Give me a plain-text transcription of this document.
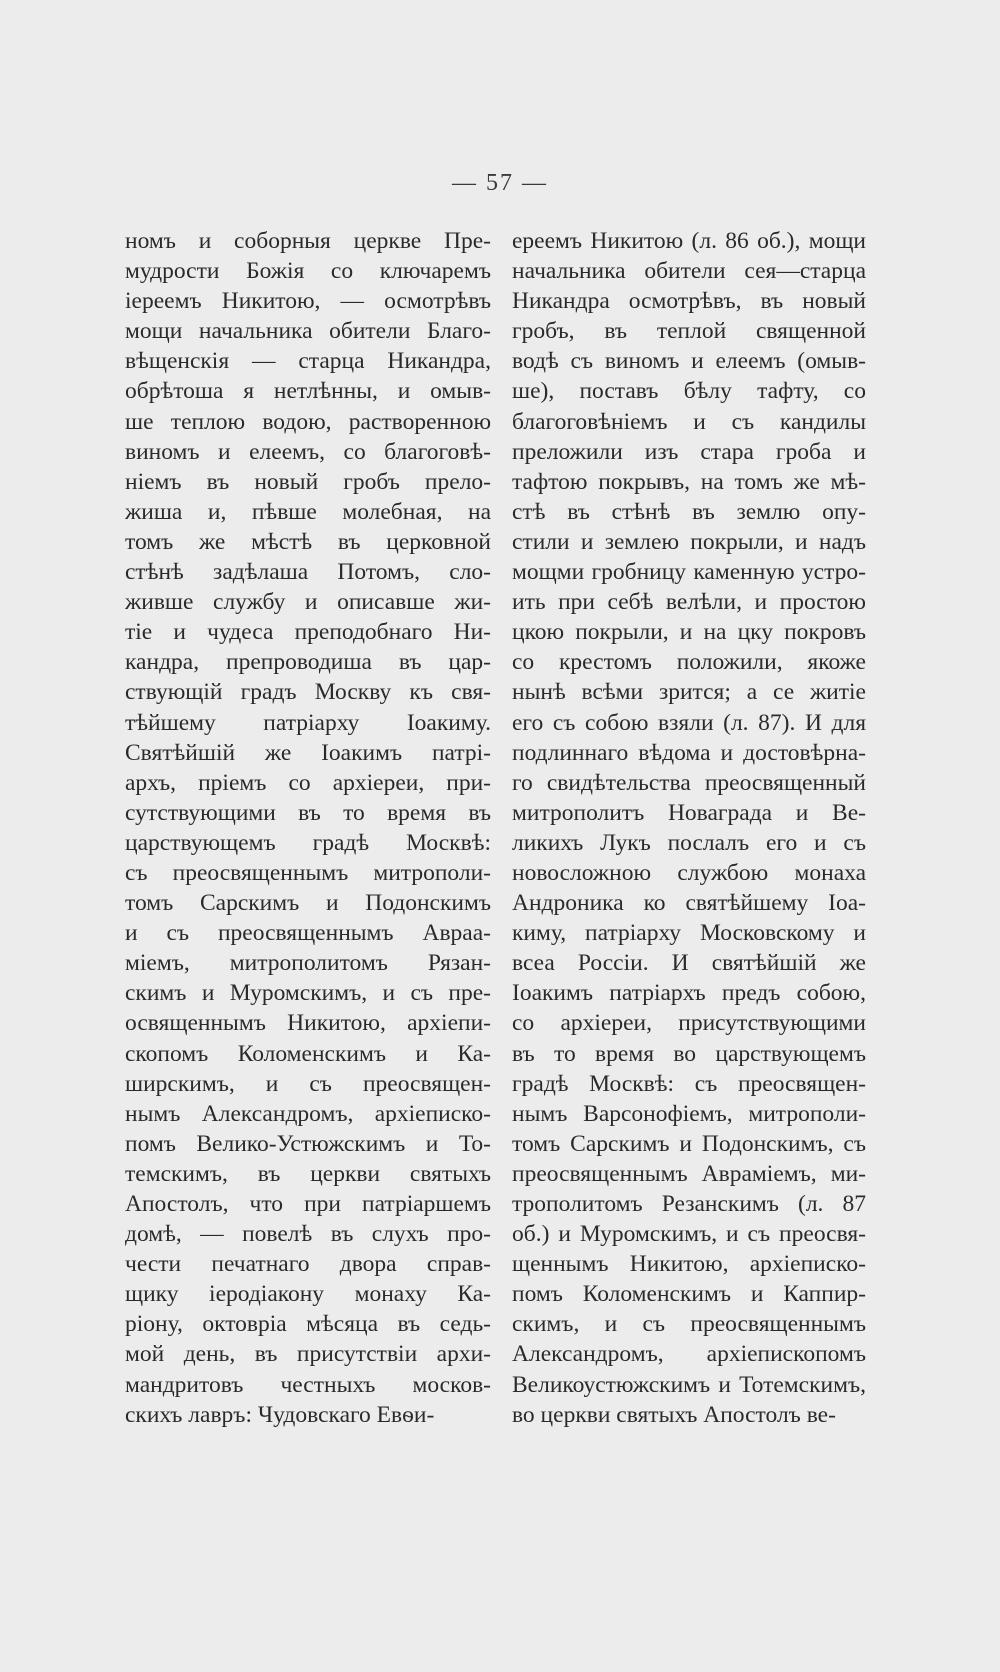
— 57 —
номъ и соборныя церкве Пре-
мудрости Божія со ключаремъ
іереемъ Никитою, — осмотрѣвъ
мощи начальника обители Благо-
вѣщенскія — старца Никандра,
обрѣтоша я нетлѣнны, и омыв-
ше теплою водою, растворенною
виномъ и елеемъ, со благоговѣ-
ніемъ въ новый гробъ прело-
жиша и, пѣвше молебная, на
томъ же мѣстѣ въ церковной
стѣнѣ задѣлаша Потомъ, сло-
живше службу и описавше жи-
тіе и чудеса преподобнаго Ни-
кандра, препроводиша въ цар-
ствующій градъ Москву къ свя-
тѣйшему патріарху Іоакиму.
Святѣйшій же Іоакимъ патрі-
архъ, пріемъ со архіереи, при-
сутствующими въ то время въ
царствующемъ градѣ Москвѣ:
съ преосвященнымъ митрополи-
томъ Сарскимъ и Подонскимъ
и съ преосвященнымъ Авраа-
міемъ, митрополитомъ Рязан-
скимъ и Муромскимъ, и съ пре-
освященнымъ Никитою, архіепи-
скопомъ Коломенскимъ и Ка-
ширскимъ, и съ преосвящен-
нымъ Александромъ, архіеписко-
помъ Велико-Устюжскимъ и То-
темскимъ, въ церкви святыхъ
Апостолъ, что при патріаршемъ
домѣ, — повелѣ въ слухъ про-
чести печатнаго двора справ-
щику іеродіакону монаху Ка-
ріону, октовріа мѣсяца въ седь-
мой день, въ присутствіи архи-
мандритовъ честныхъ москов-
скихъ лавръ: Чудовскаго Евѳи-
ереемъ Никитою (л. 86 об.), мощи
начальника обители сея—старца
Никандра осмотрѣвъ, въ новый
гробъ, въ теплой священной
водѣ съ виномъ и елеемъ (омыв-
ше), поставъ бѣлу тафту, со
благоговѣніемъ и съ кандилы
преложили изъ стара гроба и
тафтою покрывъ, на томъ же мѣ-
стѣ въ стѣнѣ въ землю опу-
стили и землею покрыли, и надъ
мощми гробницу каменную устро-
ить при себѣ велѣли, и простою
цкою покрыли, и на цку покровъ
со крестомъ положили, якоже
нынѣ всѣми зрится; а се житіе
его съ собою взяли (л. 87). И для
подлиннаго вѣдома и достовѣрна-
го свидѣтельства преосвященный
митрополитъ Новаграда и Ве-
ликихъ Лукъ послалъ его и съ
новосложною службою монаха
Андроника ко святѣйшему Іоа-
киму, патріарху Московскому и
всеа Россіи. И святѣйшій же
Іоакимъ патріархъ предъ собою,
со архіереи, присутствующими
въ то время во царствующемъ
градѣ Москвѣ: съ преосвящен-
нымъ Варсонофіемъ, митрополи-
томъ Сарскимъ и Подонскимъ, съ
преосвященнымъ Авраміемъ, ми-
трополитомъ Резанскимъ (л. 87
об.) и Муромскимъ, и съ преосвя-
щеннымъ Никитою, архіеписко-
помъ Коломенскимъ и Каппир-
скимъ, и съ преосвященнымъ
Александромъ, архіепископомъ
Великоустюжскимъ и Тотемскимъ,
во церкви святыхъ Апостолъ ве-
